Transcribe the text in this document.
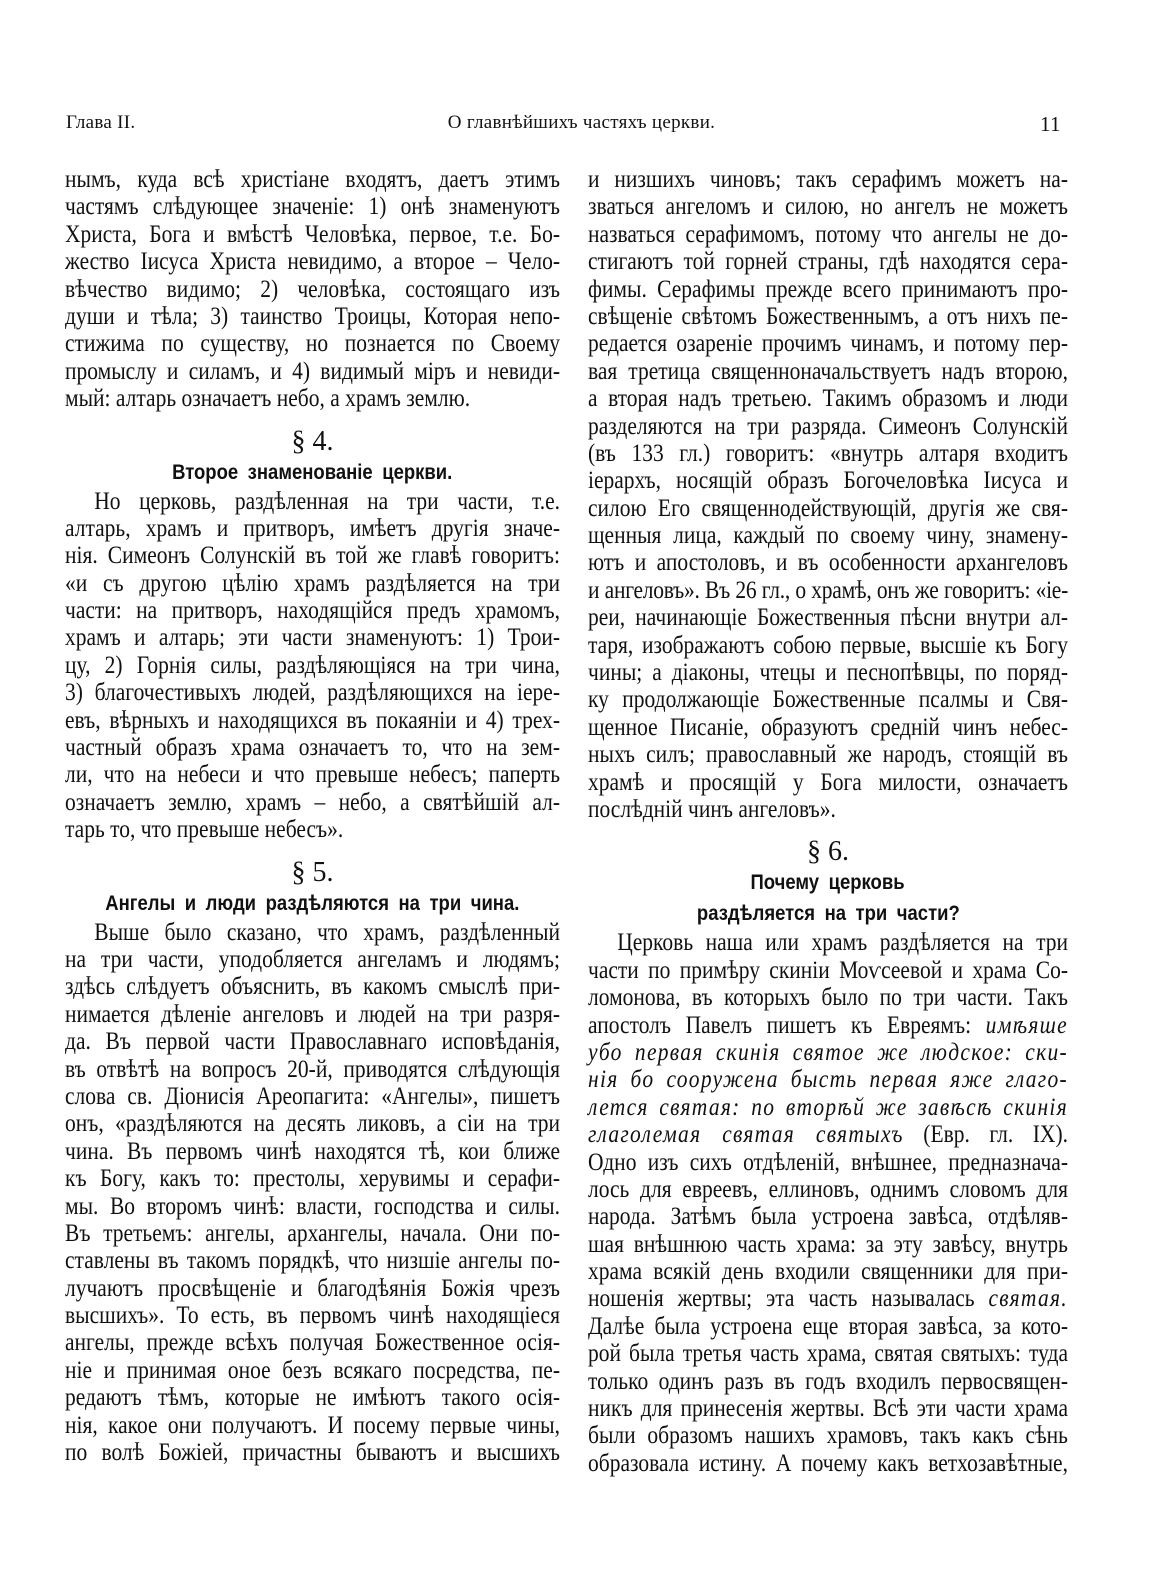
Глава II.	О главнѣйшихъ частяхъ церкви.	11
нымъ, куда всѣ христіане входятъ, даетъ этимъ
частямъ слѣдующее значеніе: 1) онѣ знаменуютъ
Христа, Бога и вмѣстѣ Человѣка, первое, т.е. Бо-
жество Іисуса Христа невидимо, а второе – Чело-
вѣчество видимо; 2) человѣка, состоящаго изъ
души и тѣла; 3) таинство Троицы, Которая непо-
стижима по существу, но познается по Своему
промыслу и силамъ, и 4) видимый міръ и невиди-
мый: алтарь означаетъ небо, а храмъ землю.
§ 4.
Второе знаменованіе церкви.
Но церковь, раздѣленная на три части, т.е.
алтарь, храмъ и притворъ, имѣетъ другія значе-
нія. Симеонъ Солунскій въ той же главѣ говоритъ:
«и съ другою цѣлію храмъ раздѣляется на три
части: на притворъ, находящійся предъ храмомъ,
храмъ и алтарь; эти части знаменуютъ: 1) Трои-
цу, 2) Горнія силы, раздѣляющіяся на три чина,
3) благочестивыхъ людей, раздѣляющихся на іере-
евъ, вѣрныхъ и находящихся въ покаяніи и 4) трех-
частный образъ храма означаетъ то, что на зем-
ли, что на небеси и что превыше небесъ; паперть
означаетъ землю, храмъ – небо, а святѣйшій ал-
тарь то, что превыше небесъ».
§ 5.
Ангелы и люди раздѣляются на три чина.
Выше было сказано, что храмъ, раздѣленный
на три части, уподобляется ангеламъ и людямъ;
здѣсь слѣдуетъ объяснить, въ какомъ смыслѣ при-
нимается дѣленіе ангеловъ и людей на три разря-
да. Въ первой части Православнаго исповѣданія,
въ отвѣтѣ на вопросъ 20-й, приводятся слѣдующія
слова св. Діонисія Ареопагита: «Ангелы», пишетъ
онъ, «раздѣляются на десять ликовъ, а сіи на три
чина. Въ первомъ чинѣ находятся тѣ, кои ближе
къ Богу, какъ то: престолы, херувимы и серафи-
мы. Во второмъ чинѣ: власти, господства и силы.
Въ третьемъ: ангелы, архангелы, начала. Они по-
ставлены въ такомъ порядкѣ, что низшіе ангелы по-
лучаютъ просвѣщеніе и благодѣянія Божія чрезъ
высшихъ». То есть, въ первомъ чинѣ находящіеся
ангелы, прежде всѣхъ получая Божественное осія-
ніе и принимая оное безъ всякаго посредства, пе-
редаютъ тѣмъ, которые не имѣютъ такого осія-
нія, какое они получаютъ. И посему первые чины,
по волѣ Божіей, причастны бываютъ и высшихъ
и низшихъ чиновъ; такъ серафимъ можетъ на-
зваться ангеломъ и силою, но ангелъ не можетъ
назваться серафимомъ, потому что ангелы не до-
стигаютъ той горней страны, гдѣ находятся сера-
фимы. Серафимы прежде всего принимаютъ про-
свѣщеніе свѣтомъ Божественнымъ, а отъ нихъ пе-
редается озареніе прочимъ чинамъ, и потому пер-
вая третица священноначальствуетъ надъ второю,
а вторая надъ третьею. Такимъ образомъ и люди
разделяются на три разряда. Симеонъ Солунскій
(въ 133 гл.) говоритъ: «внутрь алтаря входитъ
іерархъ, носящій образъ Богочеловѣка Іисуса и
силою Его священнодействующій, другія же свя-
щенныя лица, каждый по своему чину, знамену-
ютъ и апостоловъ, и въ особенности архангеловъ
и ангеловъ». Въ 26 гл., о храмѣ, онъ же говоритъ: «іе-
реи, начинающіе Божественныя пѣсни внутри ал-
таря, изображаютъ собою первые, высшіе къ Богу
чины; а діаконы, чтецы и песнопѣвцы, по поряд-
ку продолжающіе Божественные псалмы и Свя-
щенное Писаніе, образуютъ средній чинъ небес-
ныхъ силъ; православный же народъ, стоящій въ
храмѣ и просящій у Бога милости, означаетъ
послѣдній чинъ ангеловъ».
§ 6.
Почему церковь
раздѣляется на три части?
Церковь наша или храмъ раздѣляется на три
части по примѣру скиніи Моѵсеевой и храма Со-
ломонова, въ которыхъ было по три части. Такъ
апостолъ Павелъ пишетъ къ Евреямъ: имѣяше
убо первая скинія святое же людское: ски-
нія бо сооружена бысть первая яже глаго-
лется святая: по вторѣй же завѣсѣ скинія
глаголемая святая святыхъ (Евр. гл. IX).
Одно изъ сихъ отдѣленій, внѣшнее, предназнача-
лось для евреевъ, еллиновъ, однимъ словомъ для
народа. Затѣмъ была устроена завѣса, отдѣляв-
шая внѣшнюю часть храма: за эту завѣсу, внутрь
храма всякій день входили священники для при-
ношенія жертвы; эта часть называлась святая.
Далѣе была устроена еще вторая завѣса, за кото-
рой была третья часть храма, святая святыхъ: туда
только одинъ разъ въ годъ входилъ первосвящен-
никъ для принесенія жертвы. Всѣ эти части храма
были образомъ нашихъ храмовъ, такъ какъ сѣнь
образовала истину. А почему какъ ветхозавѣтные,
